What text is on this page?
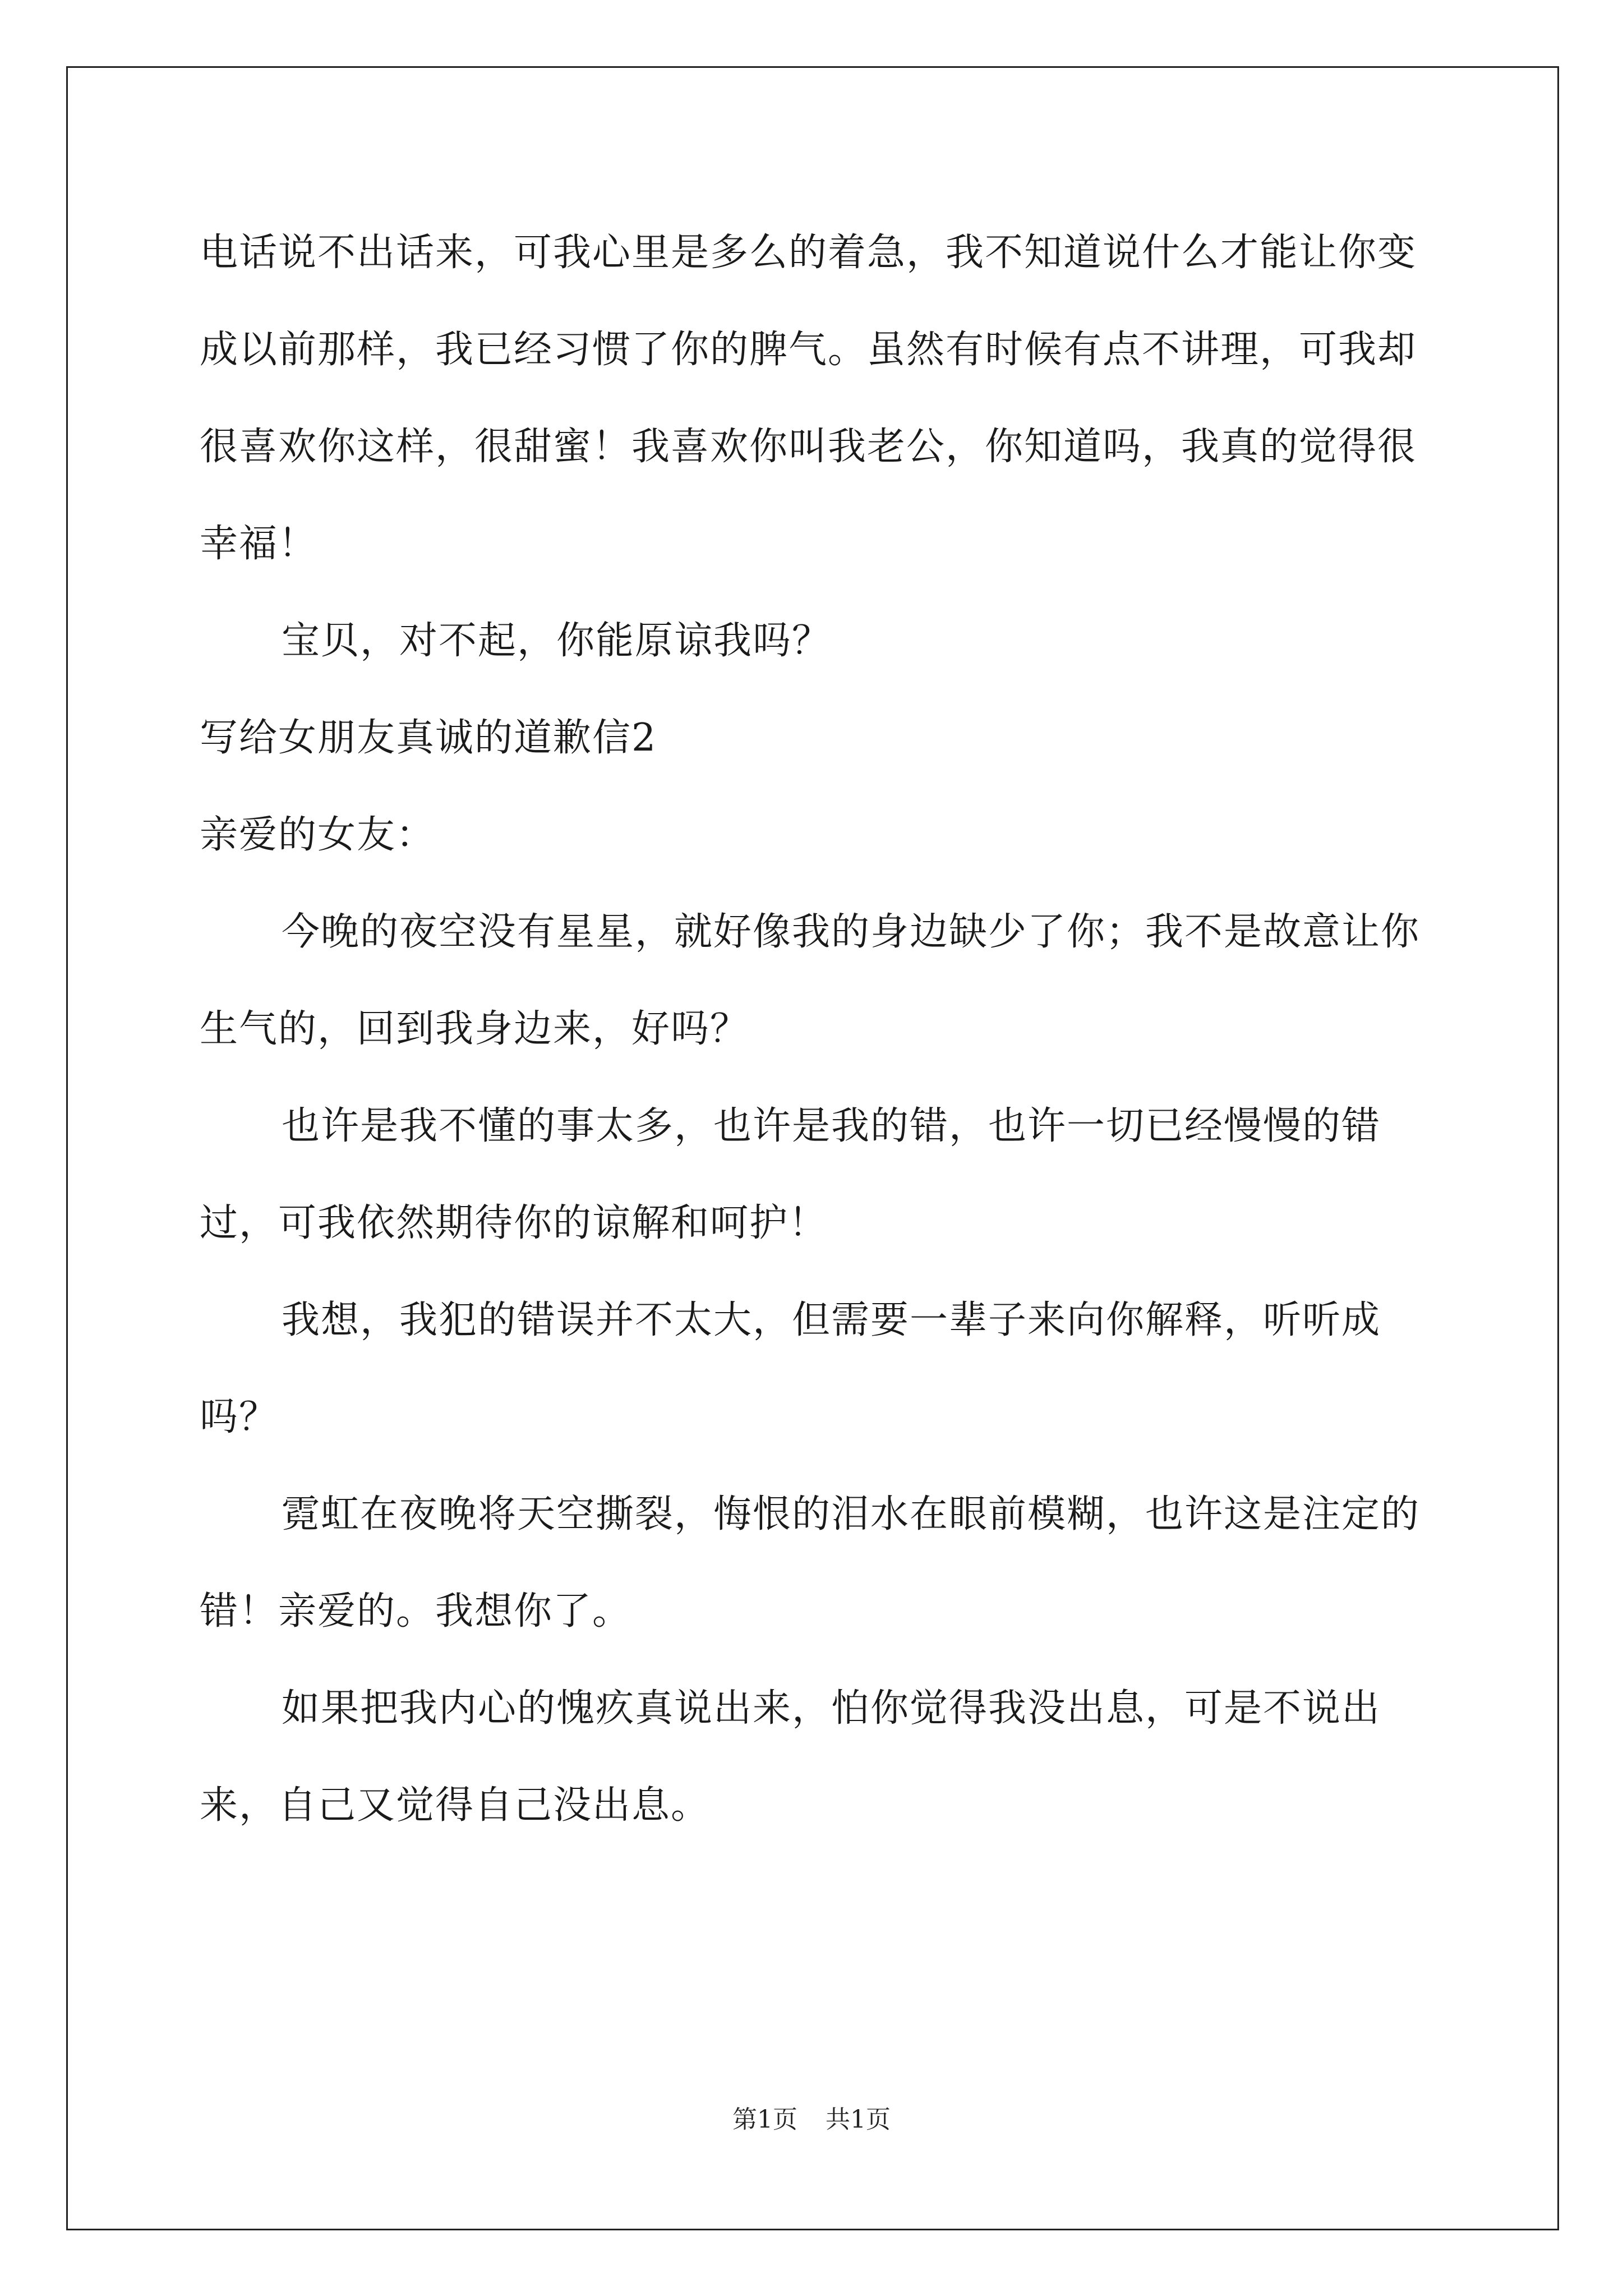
电话说不出话来，可我心里是多么的着急，我不知道说什么才能让你变成以前那样，我已经习惯了你的脾气。虽然有时候有点不讲理，可我却很喜欢你这样，很甜蜜！我喜欢你叫我老公，你知道吗，我真的觉得很幸福！

宝贝，对不起，你能原谅我吗？

写给女朋友真诚的道歉信2

亲爱的女友：

今晚的夜空没有星星，就好像我的身边缺少了你；我不是故意让你生气的，回到我身边来，好吗？

也许是我不懂的事太多，也许是我的错，也许一切已经慢慢的错过，可我依然期待你的谅解和呵护！

我想，我犯的错误并不太大，但需要一辈子来向你解释，听听成吗？

霓虹在夜晚将天空撕裂，悔恨的泪水在眼前模糊，也许这是注定的错！亲爱的。我想你了。

如果把我内心的愧疚真说出来，怕你觉得我没出息，可是不说出来，自己又觉得自己没出息。

第1页 共1页
